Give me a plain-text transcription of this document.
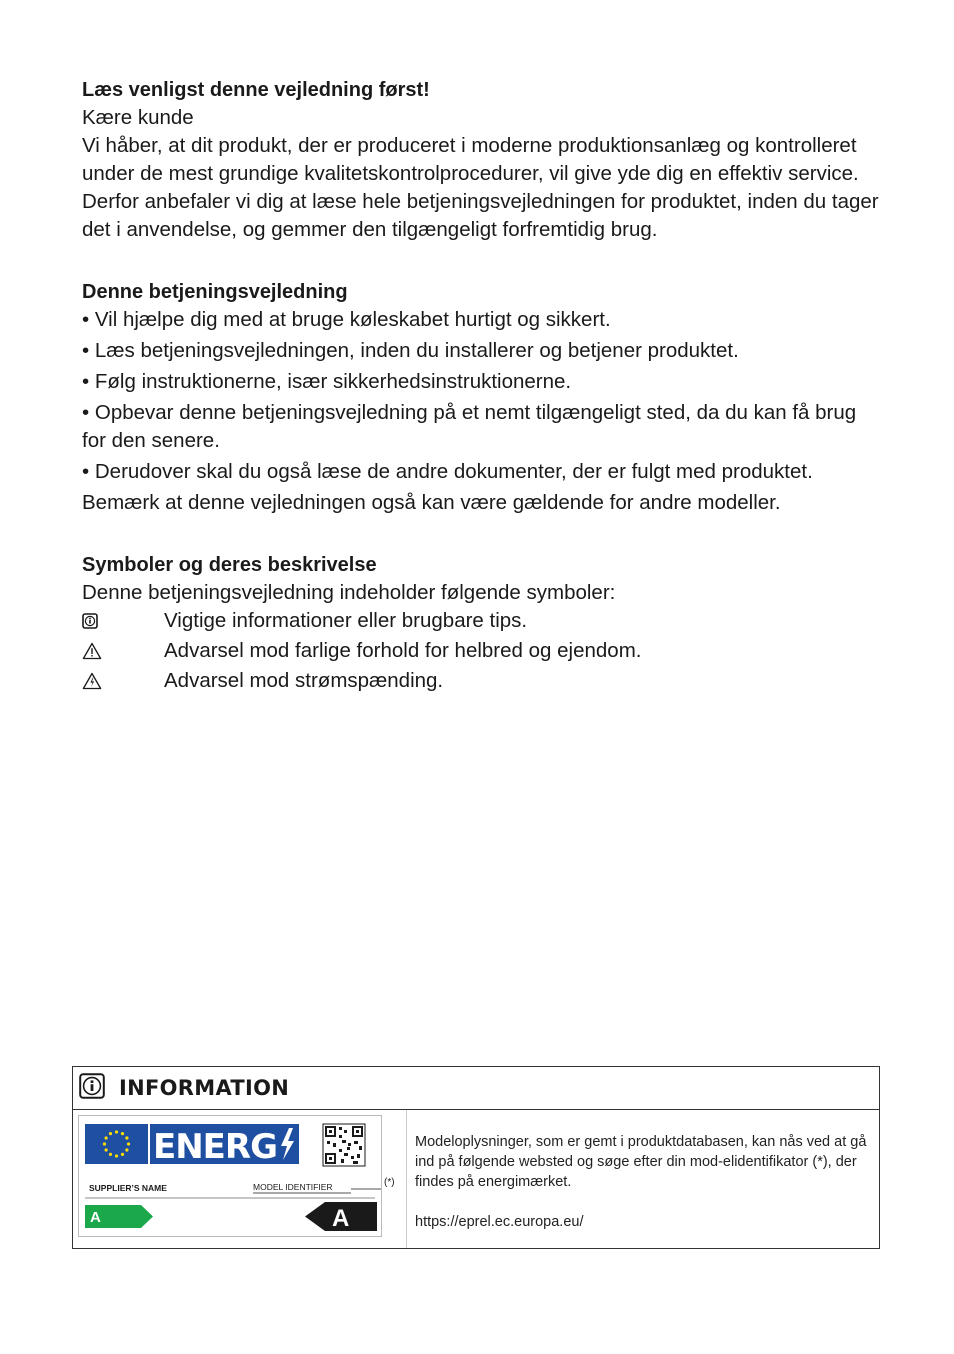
Læs venligst denne vejledning først!

Kære kunde

Vi håber, at dit produkt, der er produceret i moderne produktionsanlæg og kontrolleret under de mest grundige kvalitetskontrolprocedurer, vil give yde dig en effektiv service.

Derfor anbefaler vi dig at læse hele betjeningsvejledningen for produktet, inden du tager det i anvendelse, og gemmer den tilgængeligt forfremtidig brug.

Denne betjeningsvejledning

• Vil hjælpe dig med at bruge køleskabet hurtigt og sikkert.

• Læs betjeningsvejledningen, inden du installerer og betjener produktet.

• Følg instruktionerne, især sikkerhedsinstruktionerne.

• Opbevar denne betjeningsvejledning på et nemt tilgængeligt sted, da du kan få brug for den senere.

• Derudover skal du også læse de andre dokumenter, der er fulgt med produktet.

Bemærk at denne vejledningen også kan være gældende for andre modeller.

Symboler og deres beskrivelse

Denne betjeningsvejledning indeholder følgende symboler:

Vigtige informationer eller brugbare tips.
Advarsel mod farlige forhold for helbred og ejendom.
Advarsel mod strømspænding.
INFORMATION
ENERG
SUPPLIER’S NAME	MODEL IDENTIFIER
A	A
(*)

Modeloplysninger, som er gemt i produktdatabasen, kan nås ved at gå ind på følgende websted og søge efter din mod-elidentifikator (*), der findes på energimærket.

https://eprel.ec.europa.eu/
